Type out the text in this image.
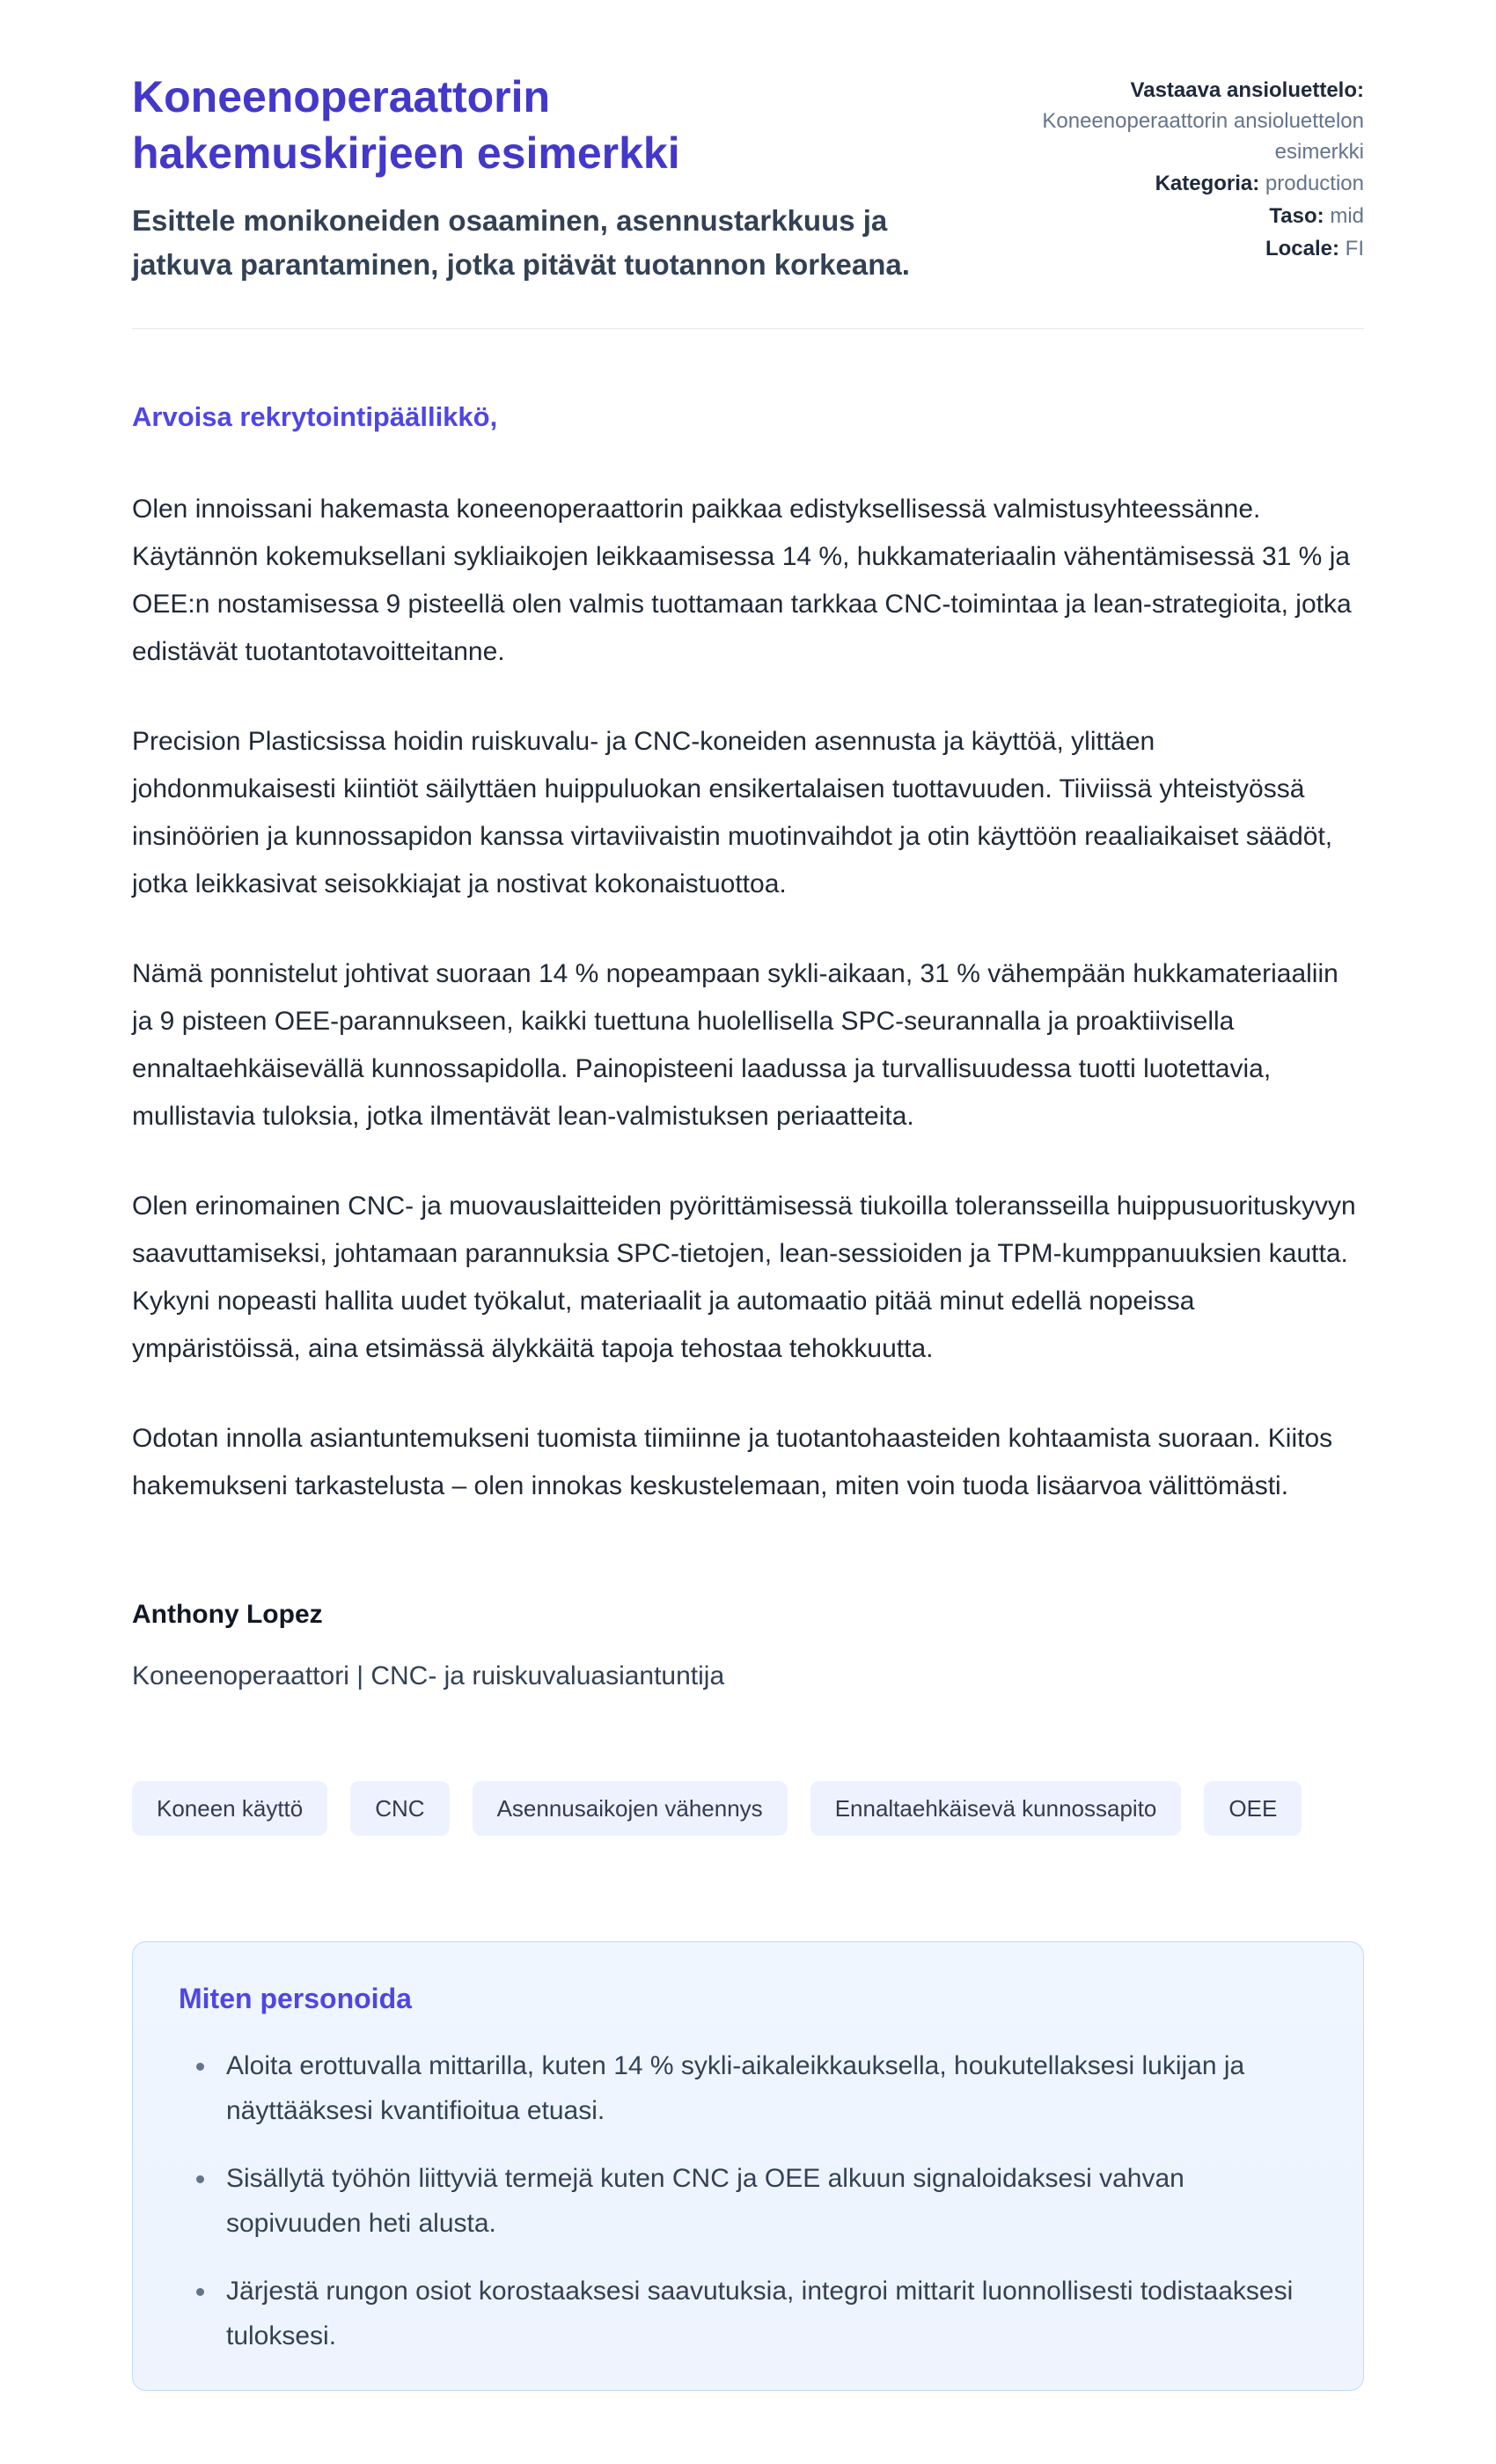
Koneenoperaattorin hakemuskirjeen esimerkki

Esittele monikoneiden osaaminen, asennustarkkuus ja jatkuva parantaminen, jotka pitävät tuotannon korkeana.

Vastaava ansioluettelo: Koneenoperaattorin ansioluettelon esimerkki
Kategoria: production
Taso: mid
Locale: FI

Arvoisa rekrytointipäällikkö,

Olen innoissani hakemasta koneenoperaattorin paikkaa edistyksellisessä valmistusyhteessänne. Käytännön kokemuksellani sykliaikojen leikkaamisessa 14 %, hukkamateriaalin vähentämisessä 31 % ja OEE:n nostamisessa 9 pisteellä olen valmis tuottamaan tarkkaa CNC-toimintaa ja lean-strategioita, jotka edistävät tuotantotavoitteitanne.

Precision Plasticsissa hoidin ruiskuvalu- ja CNC-koneiden asennusta ja käyttöä, ylittäen johdonmukaisesti kiintiöt säilyttäen huippuluokan ensikertalaisen tuottavuuden. Tiiviissä yhteistyössä insinöörien ja kunnossapidon kanssa virtaviivaistin muotinvaihdot ja otin käyttöön reaaliaikaiset säädöt, jotka leikkasivat seisokkiajat ja nostivat kokonaistuottoa.

Nämä ponnistelut johtivat suoraan 14 % nopeampaan sykli-aikaan, 31 % vähempään hukkamateriaaliin ja 9 pisteen OEE-parannukseen, kaikki tuettuna huolellisella SPC-seurannalla ja proaktiivisella ennaltaehkäisevällä kunnossapidolla. Painopisteeni laadussa ja turvallisuudessa tuotti luotettavia, mullistavia tuloksia, jotka ilmentävät lean-valmistuksen periaatteita.

Olen erinomainen CNC- ja muovauslaitteiden pyörittämisessä tiukoilla toleransseilla huippusuorituskyvyn saavuttamiseksi, johtamaan parannuksia SPC-tietojen, lean-sessioiden ja TPM-kumppanuuksien kautta. Kykyni nopeasti hallita uudet työkalut, materiaalit ja automaatio pitää minut edellä nopeissa ympäristöissä, aina etsimässä älykkäitä tapoja tehostaa tehokkuutta.

Odotan innolla asiantuntemukseni tuomista tiimiinne ja tuotantohaasteiden kohtaamista suoraan. Kiitos hakemukseni tarkastelusta – olen innokas keskustelemaan, miten voin tuoda lisäarvoa välittömästi.

Anthony Lopez

Koneenoperaattori | CNC- ja ruiskuvaluasiantuntija

Koneen käyttö	CNC	Asennusaikojen vähennys	Ennaltaehkäisevä kunnossapito	OEE
Miten personoida
• Aloita erottuvalla mittarilla, kuten 14 % sykli-aikaleikkauksella, houkutellaksesi lukijan ja näyttääksesi kvantifioitua etuasi.
• Sisällytä työhön liittyviä termejä kuten CNC ja OEE alkuun signaloidaksesi vahvan sopivuuden heti alusta.
• Järjestä rungon osiot korostaaksesi saavutuksia, integroi mittarit luonnollisesti todistaaksesi tuloksesi.
